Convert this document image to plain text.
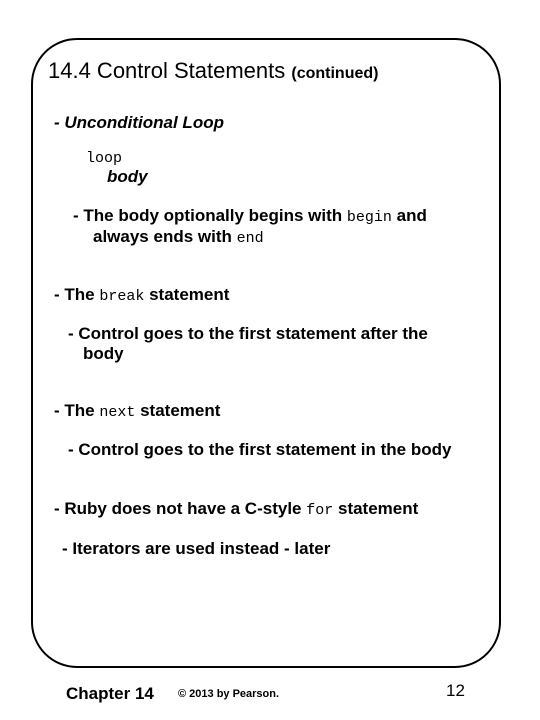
14.4 Control Statements (continued)
- Unconditional Loop
loop
body
- The body optionally begins with begin and
always ends with end
- The break statement
- Control goes to the first statement after the
body
- The next statement
- Control goes to the first statement in the body
- Ruby does not have a C-style for statement
- Iterators are used instead - later
Chapter 14 © 2013 by Pearson.	12
